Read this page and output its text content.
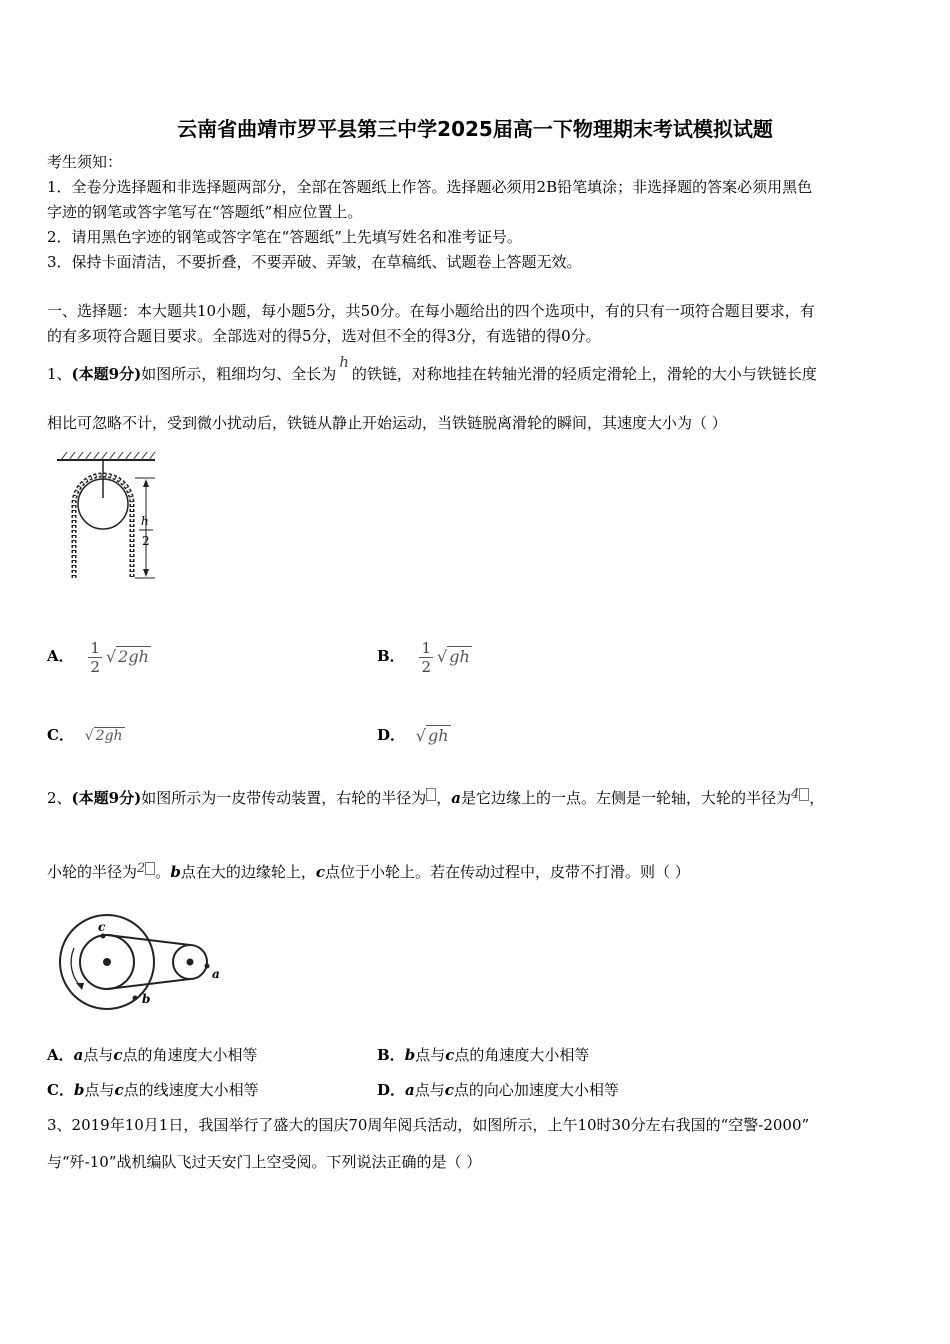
云南省曲靖市罗平县第三中学2025届高一下物理期末考试模拟试题
考生须知：
1．全卷分选择题和非选择题两部分，全部在答题纸上作答。选择题必须用2B铅笔填涂；非选择题的答案必须用黑色
字迹的钢笔或答字笔写在“答题纸”相应位置上。
2．请用黑色字迹的钢笔或答字笔在“答题纸”上先填写姓名和准考证号。
3．保持卡面清洁，不要折叠，不要弄破、弄皱，在草稿纸、试题卷上答题无效。
一、选择题：本大题共10小题，每小题5分，共50分。在每小题给出的四个选项中，有的只有一项符合题目要求，有
的有多项符合题目要求。全部选对的得5分，选对但不全的得3分，有选错的得0分。
1、(本题9分)如图所示，粗细均匀、全长为h的铁链，对称地挂在转轴光滑的轻质定滑轮上，滑轮的大小与铁链长度
相比可忽略不计，受到微小扰动后，铁链从静止开始运动，当铁链脱离滑轮的瞬间，其速度大小为（ ）
h
2
A． $\frac{1}{2}$ √ 2gh	B． $\frac{1}{2}$ √ gh
C． √ 2gh	D． √ gh
2、(本题9分)如图所示为一皮带传动装置，右轮的半径为 ，a是它边缘上的一点。左侧是一轮轴，大轮的半径为4 ，
小轮的半径为2 。b点在大的边缘轮上，c点位于小轮上。若在传动过程中，皮带不打滑。则（ ）
c
b
a
A．a点与c点的角速度大小相等	B．b点与c点的角速度大小相等
C．b点与c点的线速度大小相等	D．a点与c点的向心加速度大小相等
3、2019年10月1日，我国举行了盛大的国庆70周年阅兵活动，如图所示，上午10时30分左右我国的“空警-2000”
与“歼-10”战机编队飞过天安门上空受阅。下列说法正确的是（ ）
